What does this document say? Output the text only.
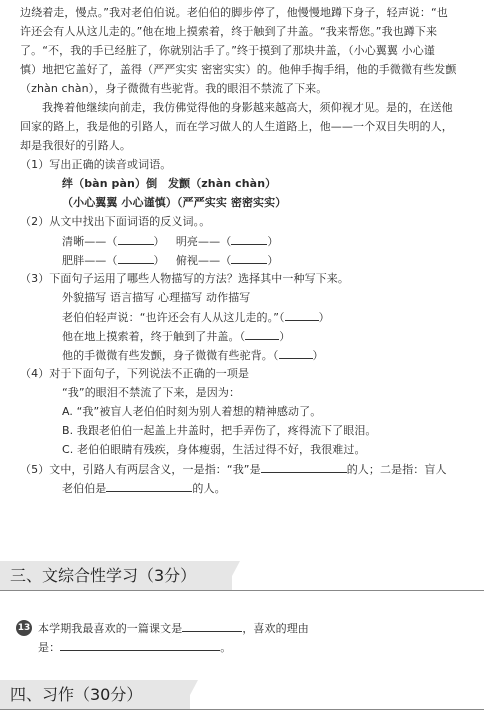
边绕着走，慢点。”我对老伯伯说。老伯伯的脚步停了，他慢慢地蹲下身子，轻声说：“也
许还会有人从这儿走的。”他在地上摸索着，终于触到了井盖。“我来帮您。”我也蹲下来
了。“不，我的手已经脏了，你就别沾手了。”终于摸到了那块井盖，（小心翼翼 小心谨
慎）地把它盖好了，盖得（严严实实 密密实实）的。他伸手掏手绢，他的手微微有些发颤
（zhàn chàn），身子微微有些驼背。我的眼泪不禁流了下来。
我搀着他继续向前走，我仿佛觉得他的身影越来越高大，须仰视才见。是的，在送他
回家的路上，我是他的引路人，而在学习做人的人生道路上，他——一个双目失明的人，
却是我很好的引路人。
（1）写出正确的读音或词语。
绊（bàn pàn）倒 发颤（zhàn chàn）
（小心翼翼 小心谨慎）（严严实实 密密实实）
（2）从文中找出下面词语的反义词。。
清晰——（	） 明亮——（	）
肥胖——（	） 俯视——（	）
（3）下面句子运用了哪些人物描写的方法？选择其中一种写下来。
外貌描写 语言描写 心理描写 动作描写
老伯伯轻声说：“也许还会有人从这儿走的。”（	）
他在地上摸索着，终于触到了井盖。（	）
他的手微微有些发颤，身子微微有些驼背。（	）
（4）对于下面句子，下列说法不正确的一项是
“我”的眼泪不禁流了下来，是因为：
A. “我”被盲人老伯伯时刻为别人着想的精神感动了。
B. 我跟老伯伯一起盖上井盖时，把手弄伤了，疼得流下了眼泪。
C. 老伯伯眼睛有残疾，身体瘦弱，生活过得不好，我很难过。
（5）文中，引路人有两层含义，一是指：“我”是	的人；二是指：盲人
老伯伯是	的人。
三、文综合性学习（3分）
13 本学期我最喜欢的一篇课文是	，喜欢的理由
是：	。
四、习作（30分）
